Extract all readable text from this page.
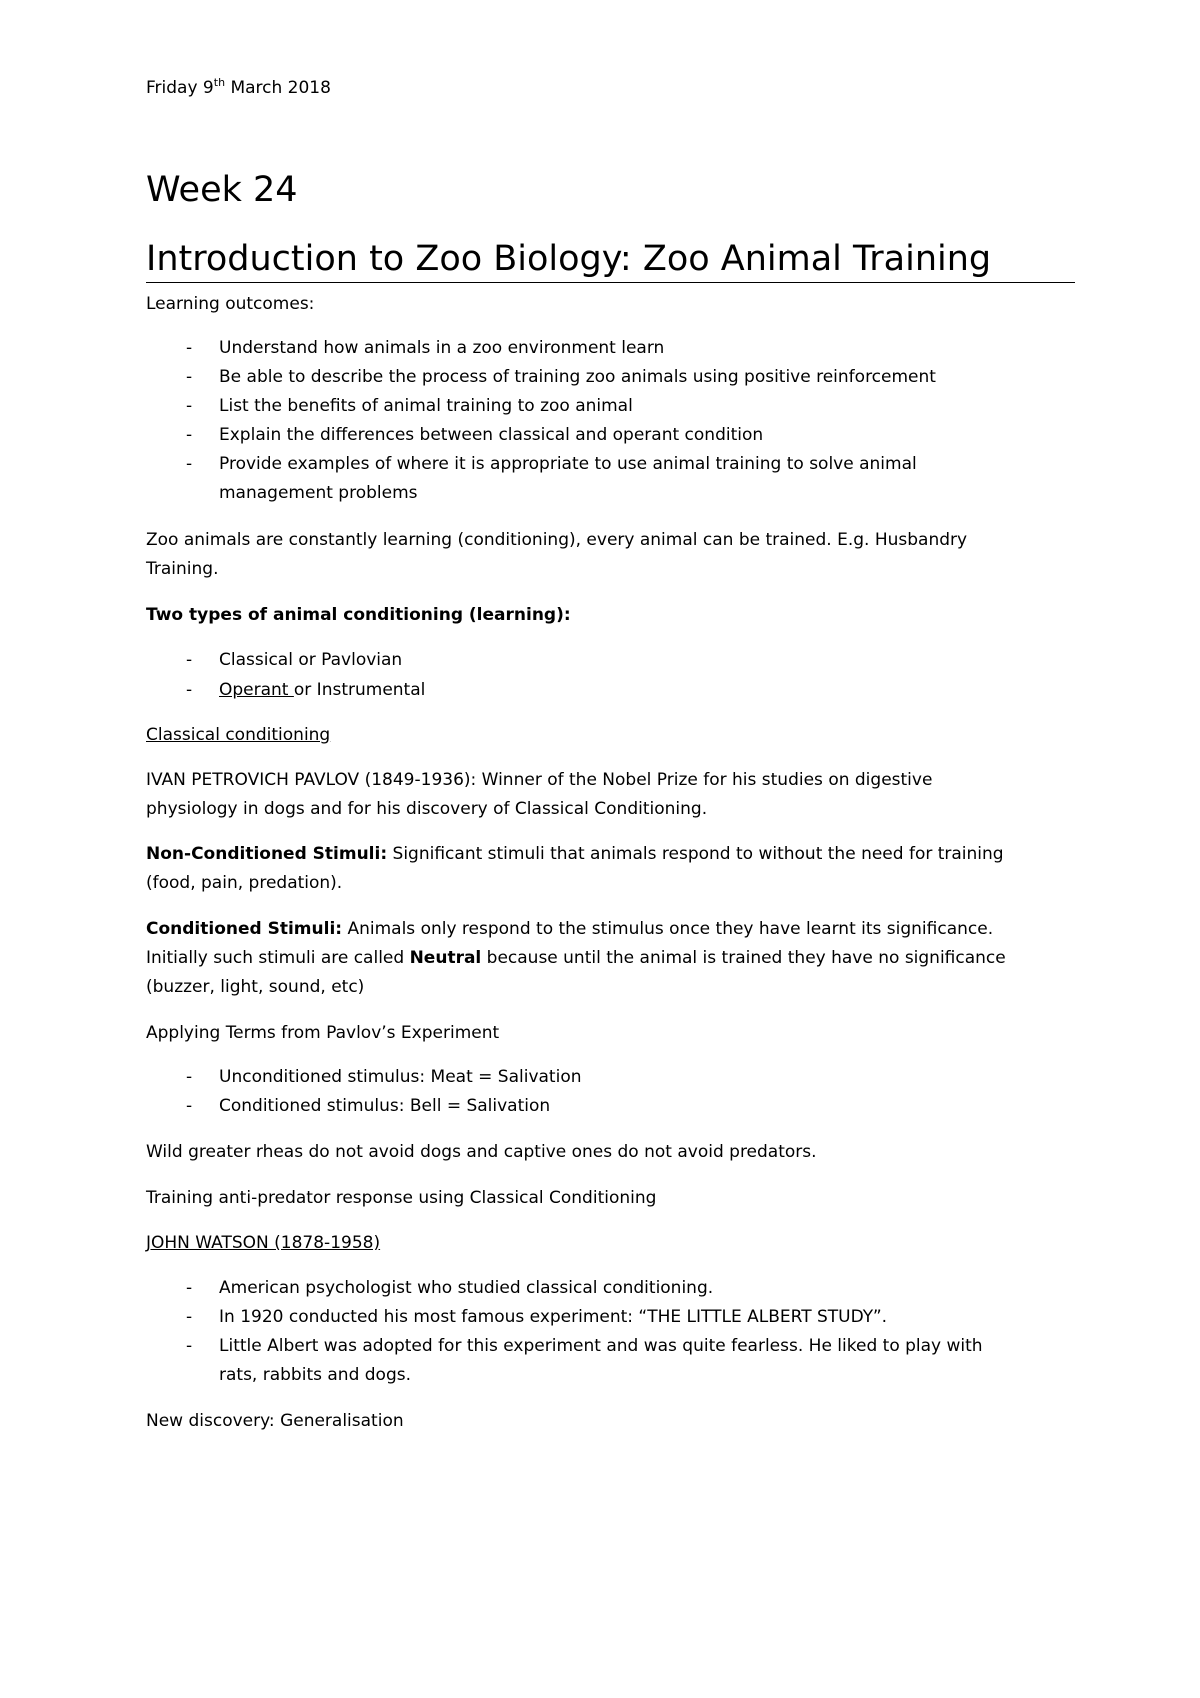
Friday 9th March 2018
Week 24
Introduction to Zoo Biology: Zoo Animal Training
Learning outcomes:
- Understand how animals in a zoo environment learn
- Be able to describe the process of training zoo animals using positive reinforcement
- List the benefits of animal training to zoo animal
- Explain the differences between classical and operant condition
- Provide examples of where it is appropriate to use animal training to solve animal
management problems
Zoo animals are constantly learning (conditioning), every animal can be trained. E.g. Husbandry
Training.
Two types of animal conditioning (learning):
- Classical or Pavlovian
- Operant or Instrumental
Classical conditioning
IVAN PETROVICH PAVLOV (1849-1936): Winner of the Nobel Prize for his studies on digestive
physiology in dogs and for his discovery of Classical Conditioning.
Non-Conditioned Stimuli: Significant stimuli that animals respond to without the need for training
(food, pain, predation).
Conditioned Stimuli: Animals only respond to the stimulus once they have learnt its significance.
Initially such stimuli are called Neutral because until the animal is trained they have no significance
(buzzer, light, sound, etc)
Applying Terms from Pavlov’s Experiment
- Unconditioned stimulus: Meat = Salivation
- Conditioned stimulus: Bell = Salivation
Wild greater rheas do not avoid dogs and captive ones do not avoid predators.
Training anti-predator response using Classical Conditioning
JOHN WATSON (1878-1958)
- American psychologist who studied classical conditioning.
- In 1920 conducted his most famous experiment: “THE LITTLE ALBERT STUDY”.
- Little Albert was adopted for this experiment and was quite fearless. He liked to play with
rats, rabbits and dogs.
New discovery: Generalisation
